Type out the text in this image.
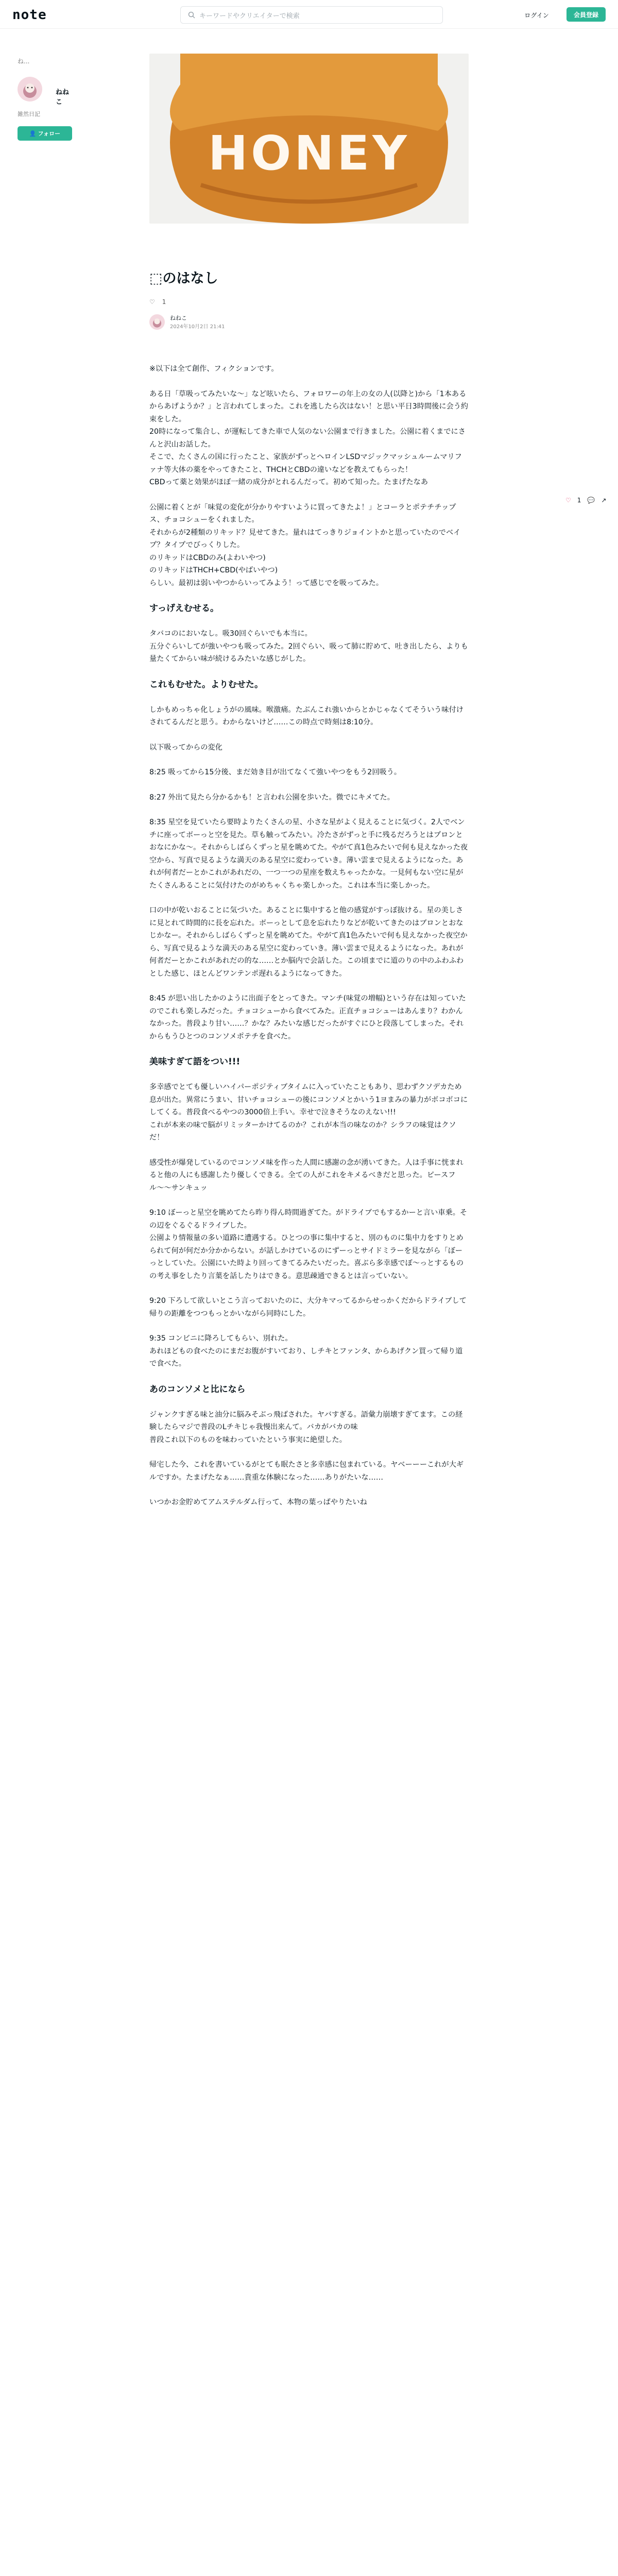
note	キーワードやクリエイターで検索	ログイン	会員登録
ね...
ねねこ
雑然日記
👤 フォロー
♡ 1 💬 ↗
HONEY
⬚のはなし
♡ 1
ねねこ
2024年10月2日 21:41

※以下は全て創作、フィクションです。

ある日「草吸ってみたいな〜」など呟いたら、フォロワーの年上の女の人(以降と)から「1本あるからあげようか？」と言われてしまった。これを逃したら次はない！と思い平日3時間後に会う約束をした。

20時になって集合し、が運転してきた車で人気のない公園まで行きました。公園に着くまでにさんと沢山お話した。

そこで、たくさんの国に行ったこと、家族がずっとヘロインLSDマジックマッシュルームマリファナ等大体の薬をやってきたこと、THCHとCBDの違いなどを教えてもらった！

CBDって薬と効果がほぼ一緒の成分がとれるんだって。初めて知った。たまげたなあ

公園に着くとが「味覚の変化が分かりやすいように買ってきたよ！」とコーラとポテチチップス、チョコシューをくれました。

それからが2種類のリキッド？見せてきた。量れはてっきりジョイントかと思っていたのでベイプ？タイプでびっくりした。

のリキッドはCBDのみ(よわいやつ)

のリキッドはTHCH+CBD(やばいやつ)

らしい。最初は弱いやつからいってみよう！って感じでを吸ってみた。

すっげえむせる。

タバコのにおいなし。吸30回ぐらいでも本当に。

五分ぐらいしてが強いやつも吸ってみた。2回ぐらい、吸って肺に貯めて、吐き出したら、よりも量たくてからい味が続けるみたいな感じがした。

これもむせた。よりむせた。

しかもめっちゃ化しょうがの風味。喉激痛。たぶんこれ強いからとかじゃなくてそういう味付けされてるんだと思う。わからないけど……この時点で時刻は8:10分。

以下吸ってからの変化

8:25 吸ってから15分後、まだ効き目が出てなくて強いやつをもう2回吸う。

8:27 外出て見たら分かるかも！と言われ公園を歩いた。微でにキメてた。

8:35 星空を見ていたら要時よりたくさんの星、小さな星がよく見えることに気づく。2人でベンチに座ってボーっと空を見た。草も触ってみたい。冷たさがずっと手に残るだろうとはプロンとおなにかな〜。それからしばらくずっと星を眺めてた。やがて真1色みたいで何も見えなかった夜空から、写真で見るような満天のある星空に変わっていき。薄い雲まで見えるようになった。あれが何者だーとかこれがあれだの、一つ一つの星座を数えちゃったかな。一見何もない空に星がたくさんあることに気付けたのがめちゃくちゃ楽しかった。これは本当に楽しかった。

口の中が乾いおることに気づいた。あることに集中すると他の感覚がすっぽ抜ける。星の美しさに見とれて時間的に長を忘れた。ボーっとして息を忘れたりなどが乾いてきたのはブロンとおなじかなー。それからしばらくずっと星を眺めてた。やがて真1色みたいで何も見えなかった夜空から、写真で見るような満天のある星空に変わっていき。薄い雲まで見えるようになった。あれが何者だーとかこれがあれだの的な……とか脳内で会話した。この頃までに道のりの中のふわふわとした感じ、ほとんどワンテンポ遅れるようになってきた。

8:45 が思い出したかのように出面子をとってきた。マンチ(味覚の増幅)という存在は知っていたのでこれも楽しみだった。チョコシューから食べてみた。正直チョコシューはあんまり？わかんなかった。普段より甘い……？かな？みたいな感じだったがすぐにひと段落してしまった。それからもうひとつのコンソメポテチを食べた。

美味すぎて語をつい!!!

多幸感でとても優しいハイパーポジティブタイムに入っていたこともあり、思わずクソデカため息が出た。異常にうまい、甘いチョコシューの後にコンソメとかいう1ヨまみの暴力がボコボコにしてくる。普段食べるやつの3000倍上手い。幸せで泣きそうなのえない!!!

これが本来の味で脳がリミッターかけてるのか？これが本当の味なのか？シラフの味覚はクソだ！

感受性が爆発しているのでコンソメ味を作った人間に感謝の念が湧いてきた。人は手事に恍まれると他の人にも感謝したり優しくできる。全ての人がこれをキメるべきだと思った。ピースフル〜〜サンキュッ

9:10 ぼーっと星空を眺めてたら昨り得ん時間過ぎてた。がドライブでもするかーと言い車乗。その辺をぐるぐるドライブした。

公園より情報量の多い道路に遭遇する。ひとつの事に集中すると、別のものに集中力をすりとめられて何が何だか分かからない。が話しかけているのにずーっとサイドミラーを見ながら「ぼーっとしていた。公園にいた時より回ってきてるみたいだった。喜ぶら多幸感でぼ〜っとするものの考え事をしたり言葉を話したりはできる。意思疎通できるとは言っていない。

9:20 下ろして欲しいとこう言っておいたのに、大分キマってるからせっかくだからドライブして帰りの距離をつつもっとかいながら同時にした。

9:35 コンビニに降ろしてもらい、別れた。

あれほどもの食べたのにまだお腹がすいており、しチキとファンタ、からあげクン買って帰り道で食べた。

あのコンソメと比になら

ジャンクすぎる味と油分に脳みそぶっ飛ばされた。ヤバすぎる。語彙力崩壊すぎてます。この経験したらマジで普段のLチキじゃ我慢出来んて。バカがバカの味

普段これ以下のものを味わっていたという事実に絶望した。

帰宅した今、これを書いているがとても眠たさと多幸感に包まれている。ヤベーーーこれが大ギルですか。たまげたなぁ……貴重な体験になった……ありがたいな……

いつかお金貯めてアムステルダム行って、本物の葉っぱやりたいね
